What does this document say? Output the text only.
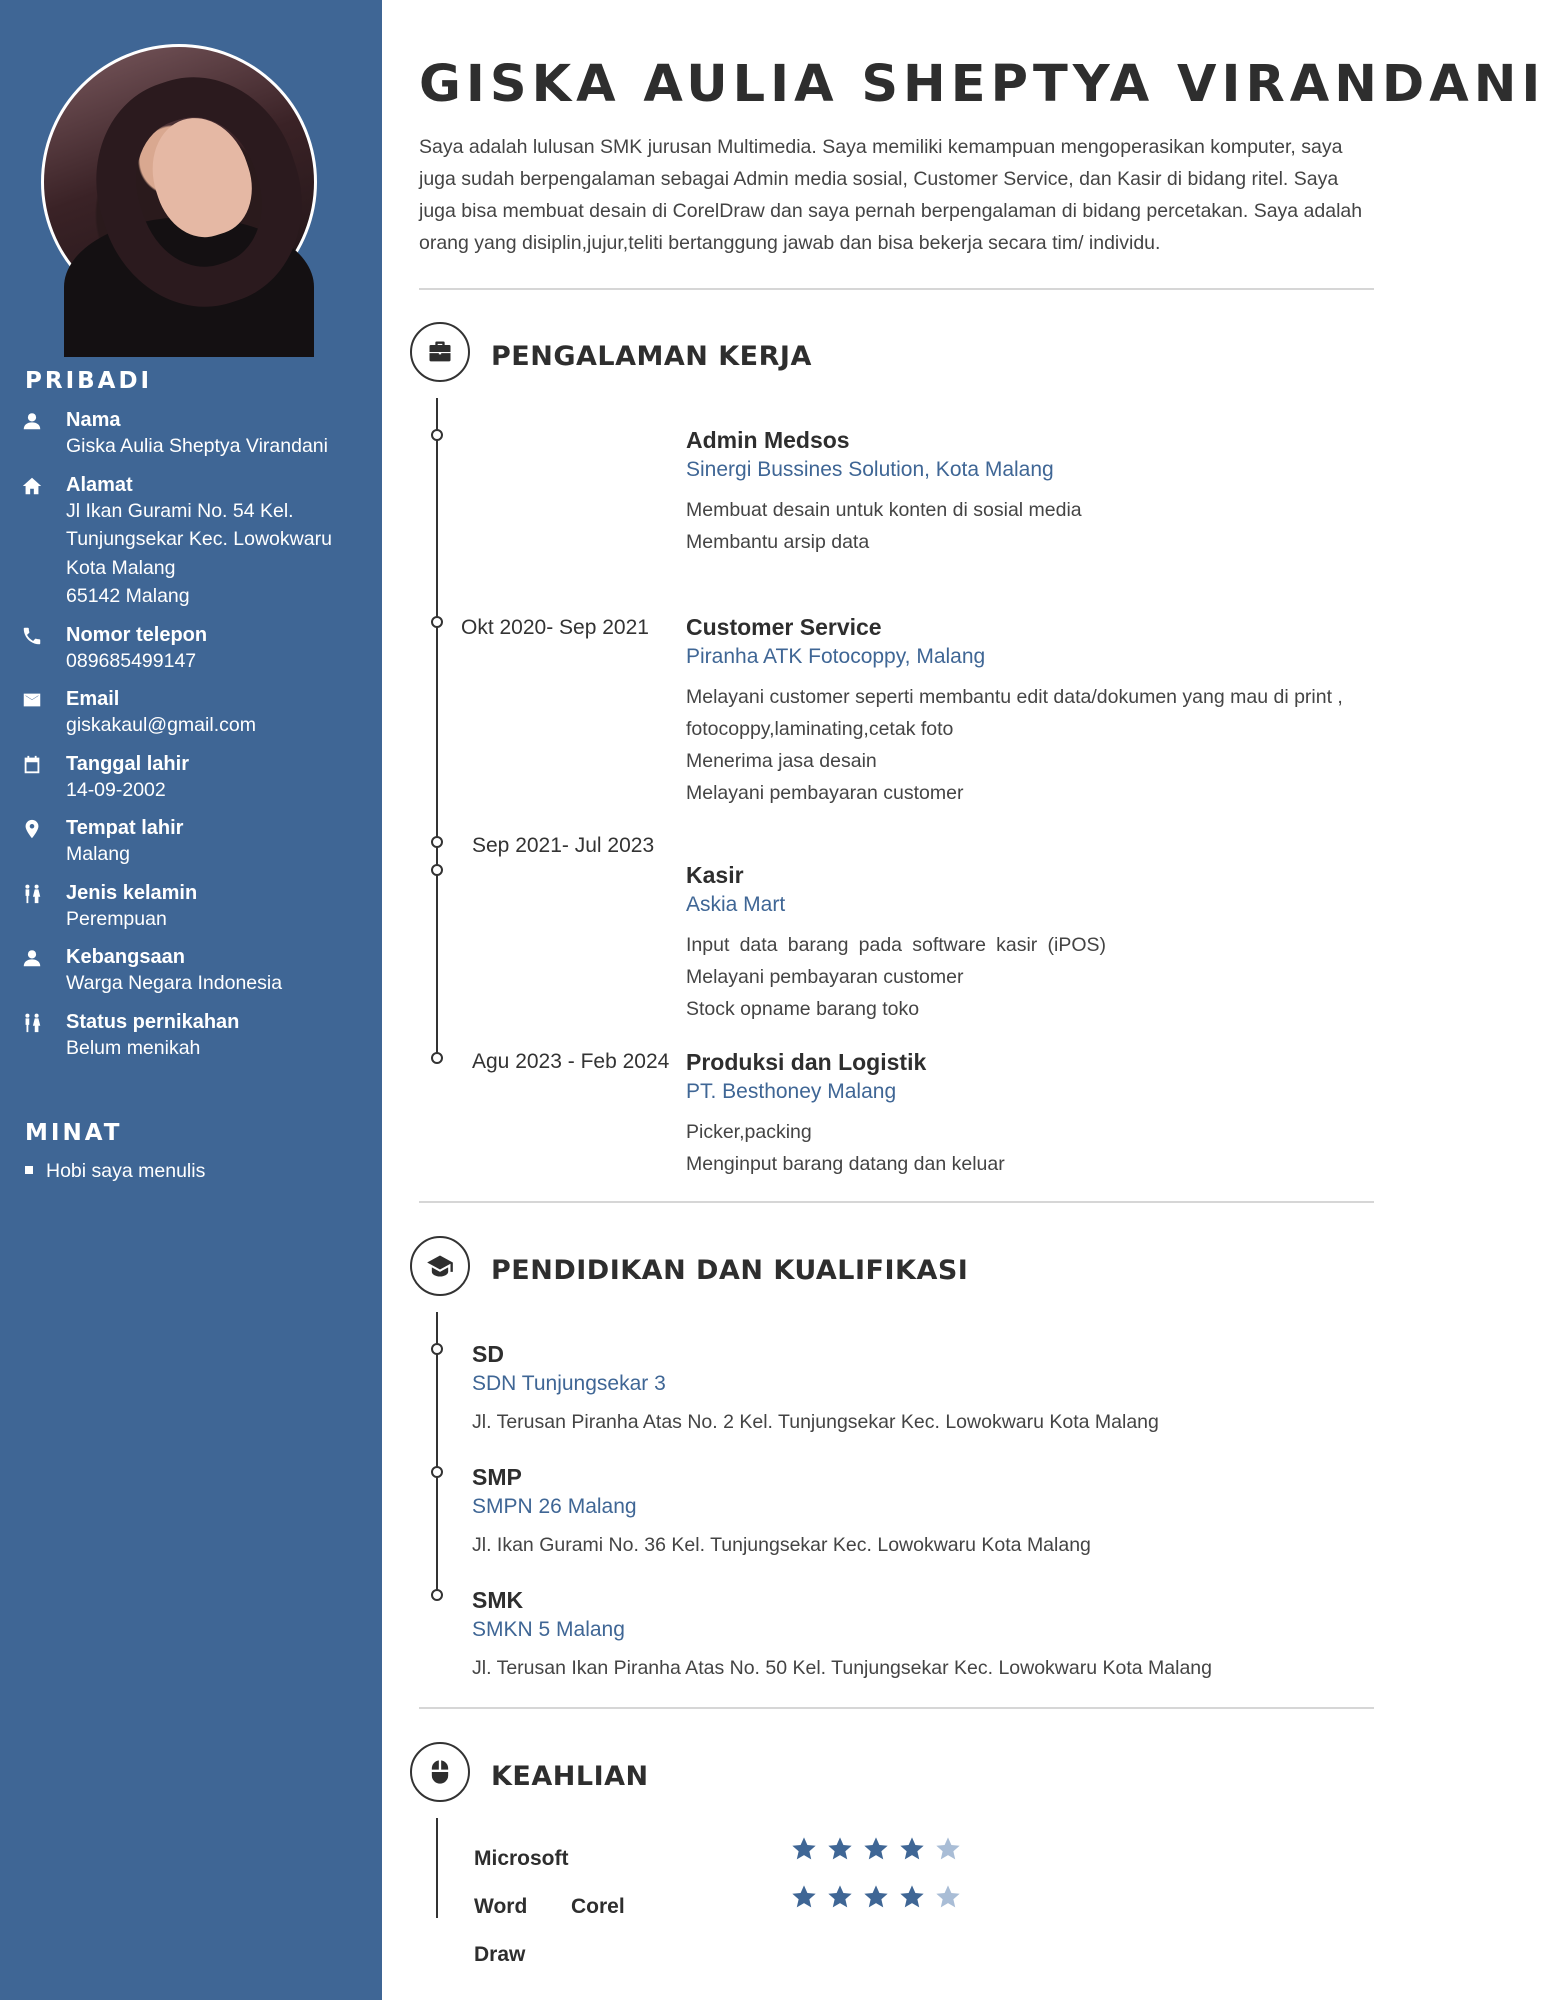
PRIBADI
Nama
Giska Aulia Sheptya Virandani
Alamat
Jl Ikan Gurami No. 54 Kel.
Tunjungsekar Kec. Lowokwaru
Kota Malang
65142 Malang
Nomor telepon
089685499147
Email
giskakaul@gmail.com
Tanggal lahir
14-09-2002
Tempat lahir
Malang
Jenis kelamin
Perempuan
Kebangsaan
Warga Negara Indonesia
Status pernikahan
Belum menikah
MINAT
Hobi saya menulis
GISKA AULIA SHEPTYA VIRANDANI

Saya adalah lulusan SMK jurusan Multimedia. Saya memiliki kemampuan mengoperasikan komputer, saya juga sudah berpengalaman sebagai Admin media sosial, Customer Service, dan Kasir di bidang ritel. Saya juga bisa membuat desain di CorelDraw dan saya pernah berpengalaman di bidang percetakan. Saya adalah orang yang disiplin,jujur,teliti bertanggung jawab dan bisa bekerja secara tim/ individu.

PENGALAMAN KERJA
Admin Medsos
Sinergi Bussines Solution, Kota Malang
Membuat desain untuk konten di sosial media
Membantu arsip data
Okt 2020- Sep 2021 Customer Service
Piranha ATK Fotocoppy, Malang
Melayani customer seperti membantu edit data/dokumen yang mau di print , fotocoppy,laminating,cetak foto
Menerima jasa desain
Melayani pembayaran customer
Sep 2021- Jul 2023
Kasir
Askia Mart
Input data barang pada software kasir (iPOS) Melayani pembayaran customer
Stock opname barang toko
Agu 2023 - Feb 2024 Produksi dan Logistik
PT. Besthoney Malang
Picker,packing
Menginput barang datang dan keluar
PENDIDIKAN DAN KUALIFIKASI
SD
SDN Tunjungsekar 3
Jl. Terusan Piranha Atas No. 2 Kel. Tunjungsekar Kec. Lowokwaru Kota Malang
SMP
SMPN 26 Malang
Jl. Ikan Gurami No. 36 Kel. Tunjungsekar Kec. Lowokwaru Kota Malang
SMK
SMKN 5 Malang
Jl. Terusan Ikan Piranha Atas No. 50 Kel. Tunjungsekar Kec. Lowokwaru Kota Malang
KEAHLIAN
Microsoft
Word Corel
Draw
